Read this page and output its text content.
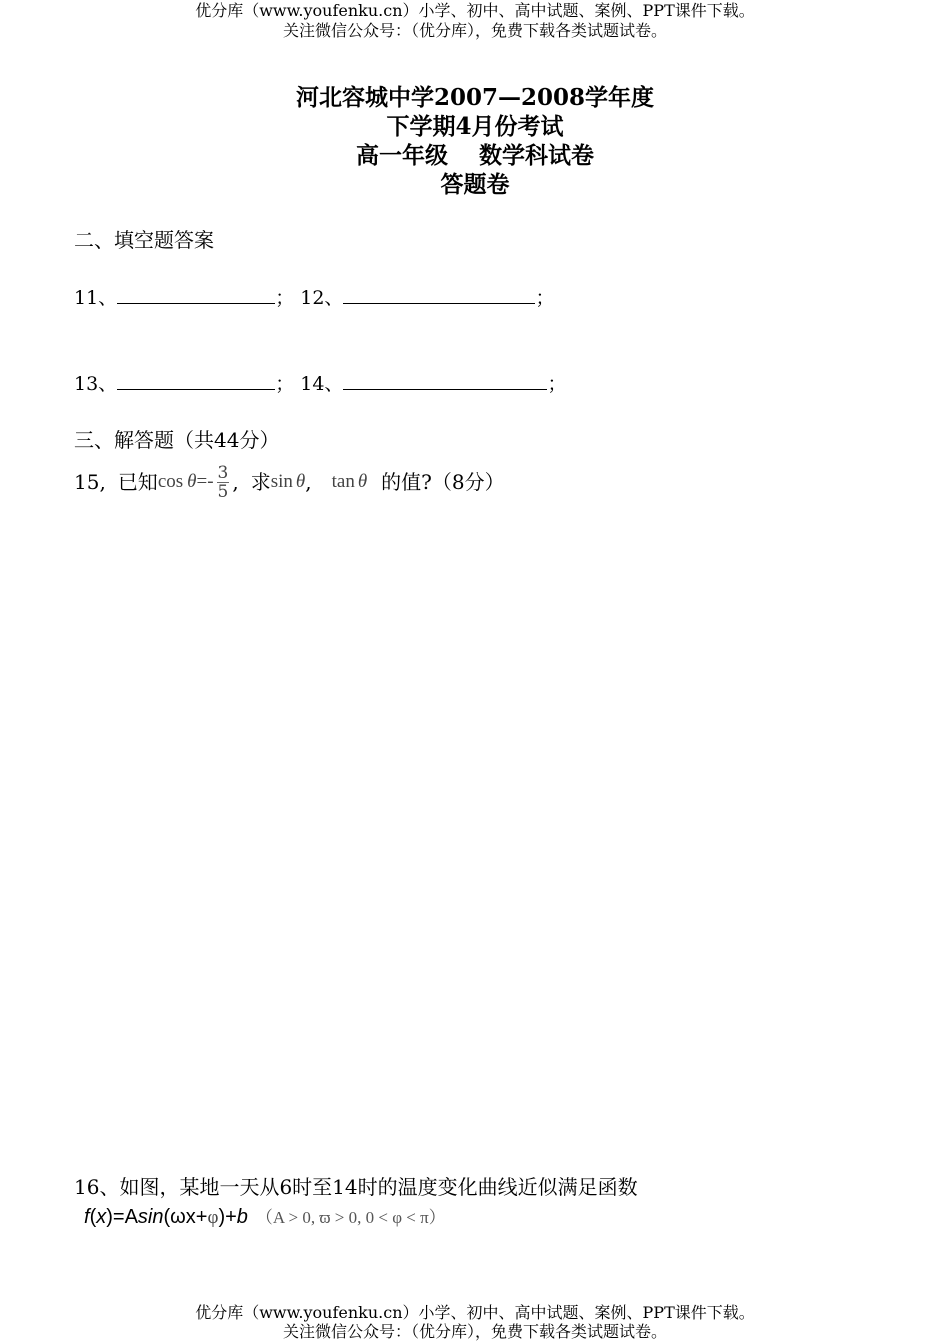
优分库（www.youfenku.cn）小学、初中、高中试题、案例、PPT课件下载。
关注微信公众号：（优分库），免费下载各类试题试卷。
河北容城中学2007—2008学年度
下学期4月份考试
高一年级　 数学科试卷
答题卷
二、填空题答案
11、	； 12、	；
13、	； 14、	；
三、解答题（共44分）
15, 已知 $\cos \theta =- \frac{3}{5}$ , 求 sin θ , tan θ 的值?（8分）
16、如图，某地一天从6时至14时的温度变化曲线近似满足函数
f(x)=Asin(ωx+φ)+b （A > 0, ϖ > 0, 0 < φ < π）
优分库（www.youfenku.cn）小学、初中、高中试题、案例、PPT课件下载。
关注微信公众号：（优分库），免费下载各类试题试卷。
